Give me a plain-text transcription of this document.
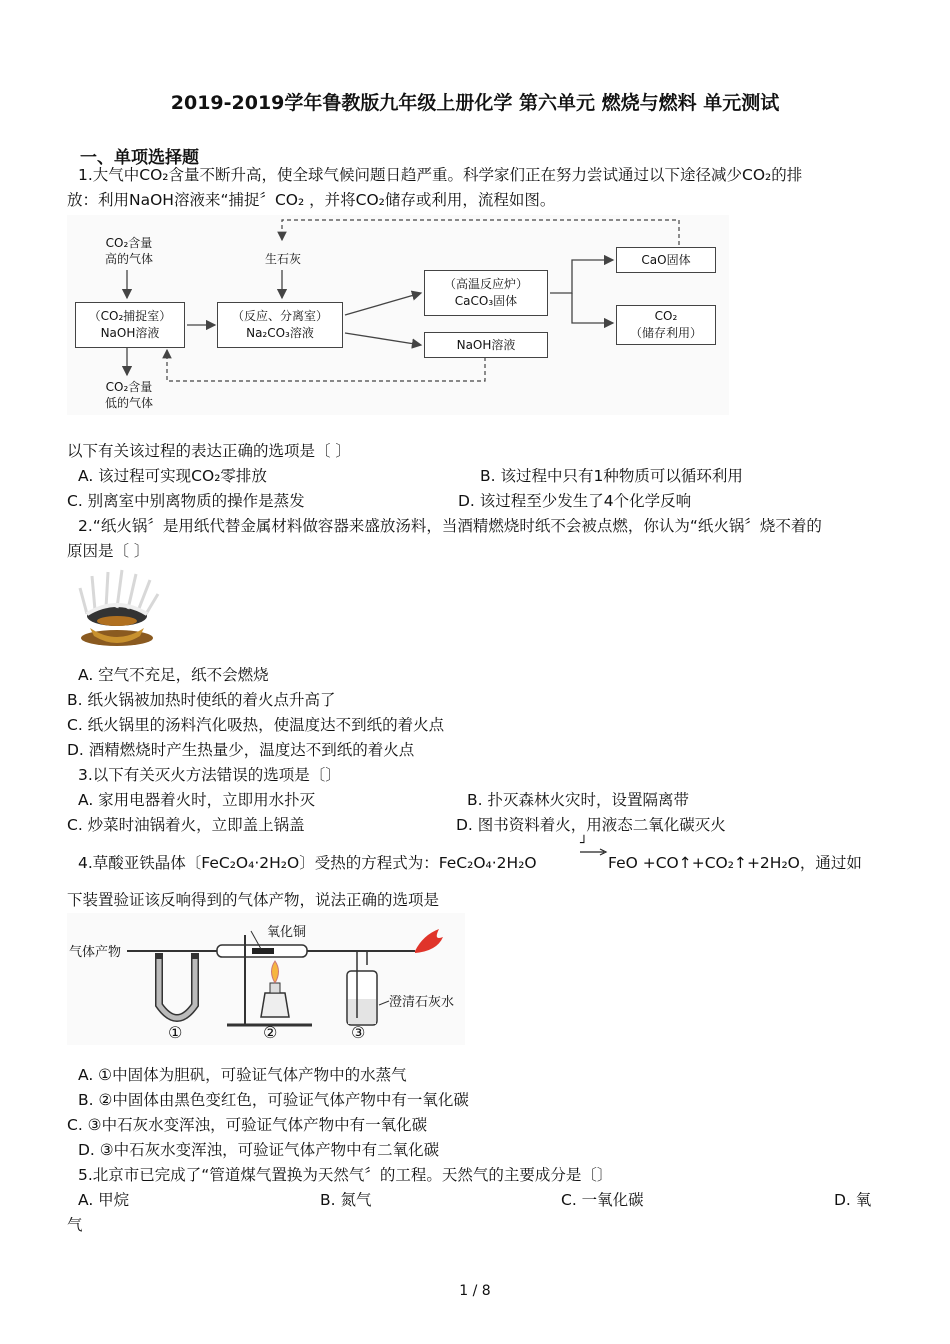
2019-2019学年鲁教版九年级上册化学 第六单元 燃烧与燃料 单元测试
一、单项选择题
1.大气中CO₂含量不断升高，使全球气候问题日趋严重。科学家们正在努力尝试通过以下途径减少CO₂的排
放：利用NaOH溶液来“捕捉〞CO₂ ，并将CO₂储存或利用，流程如图。
CO₂含量
高的气体	生石灰
（CO₂捕捉室）
NaOH溶液
（反应、分离室）
Na₂CO₃溶液
（高温反应炉）
CaCO₃固体
NaOH溶液
CaO固体
CO₂
（储存利用）
CO₂含量
低的气体
以下有关该过程的表达正确的选项是〔 〕
A. 该过程可实现CO₂零排放	B. 该过程中只有1种物质可以循环利用
C. 别离室中别离物质的操作是蒸发	D. 该过程至少发生了4个化学反响
2.“纸火锅〞是用纸代替金属材料做容器来盛放汤料，当酒精燃烧时纸不会被点燃，你认为“纸火锅〞烧不着的
原因是〔 〕
A. 空气不充足，纸不会燃烧
B. 纸火锅被加热时使纸的着火点升高了
C. 纸火锅里的汤料汽化吸热，使温度达不到纸的着火点
D. 酒精燃烧时产生热量少，温度达不到纸的着火点
3.以下有关灭火方法错误的选项是〔〕
A. 家用电器着火时，立即用水扑灭	B. 扑灭森林火灾时，设置隔离带
C. 炒菜时油锅着火，立即盖上锅盖	D. 图书资料着火，用液态二氧化碳灭火
4.草酸亚铁晶体〔FeC₂O₄·2H₂O〕受热的方程式为：FeC₂O₄·2H₂O
┘
FeO +CO↑+CO₂↑+2H₂O，通过如
下装置验证该反响得到的气体产物，说法正确的选项是
气体产物
氧化铜
澄清石灰水
①	②	③
A. ①中固体为胆矾，可验证气体产物中的水蒸气
B. ②中固体由黑色变红色，可验证气体产物中有一氧化碳
C. ③中石灰水变浑浊，可验证气体产物中有一氧化碳
D. ③中石灰水变浑浊，可验证气体产物中有二氧化碳
5.北京市已完成了“管道煤气置换为天然气〞的工程。天然气的主要成分是〔〕
A. 甲烷	B. 氮气	C. 一氧化碳	D. 氧
气
1 / 8
